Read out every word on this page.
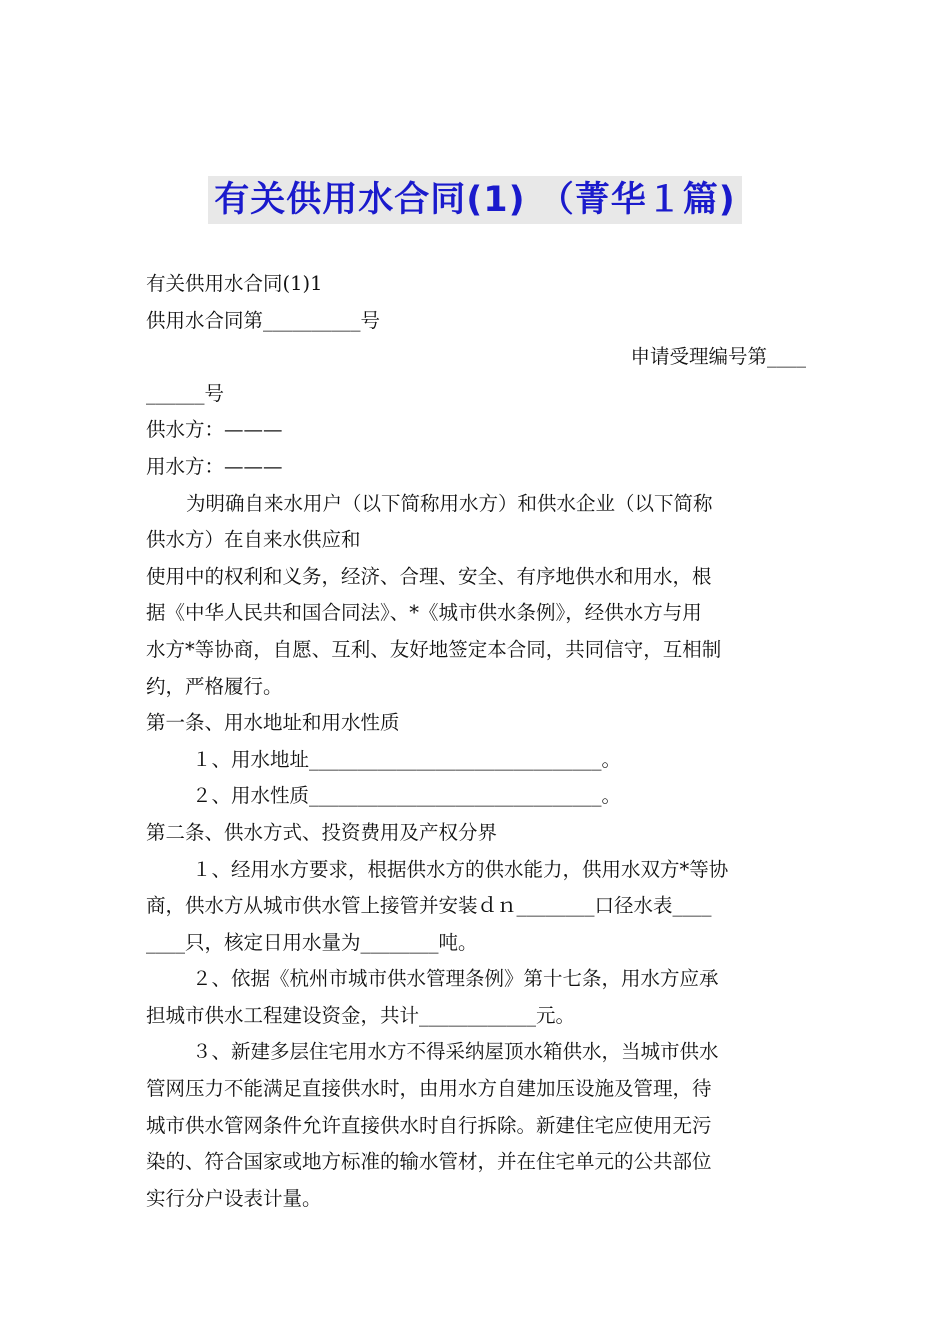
有关供用水合同(1) （菁华１篇)
有关供用水合同(1)1
供用水合同第__________号
申请受理编号第____
______号
供水方：———
用水方：———
为明确自来水用户（以下简称用水方）和供水企业（以下简称
供水方）在自来水供应和
使用中的权利和义务，经济、合理、安全、有序地供水和用水，根
据《中华人民共和国合同法》、*《城市供水条例》，经供水方与用
水方*等协商，自愿、互利、友好地签定本合同，共同信守，互相制
约，严格履行。
第一条、用水地址和用水性质
１、用水地址______________________________。
２、用水性质______________________________。
第二条、供水方式、投资费用及产权分界
１、经用水方要求，根据供水方的供水能力，供用水双方*等协
商，供水方从城市供水管上接管并安装ｄｎ________口径水表____
____只，核定日用水量为________吨。
２、依据《杭州市城市供水管理条例》第十七条，用水方应承
担城市供水工程建设资金，共计____________元。
３、新建多层住宅用水方不得采纳屋顶水箱供水，当城市供水
管网压力不能满足直接供水时，由用水方自建加压设施及管理，待
城市供水管网条件允许直接供水时自行拆除。新建住宅应使用无污
染的、符合国家或地方标准的输水管材，并在住宅单元的公共部位
实行分户设表计量。
